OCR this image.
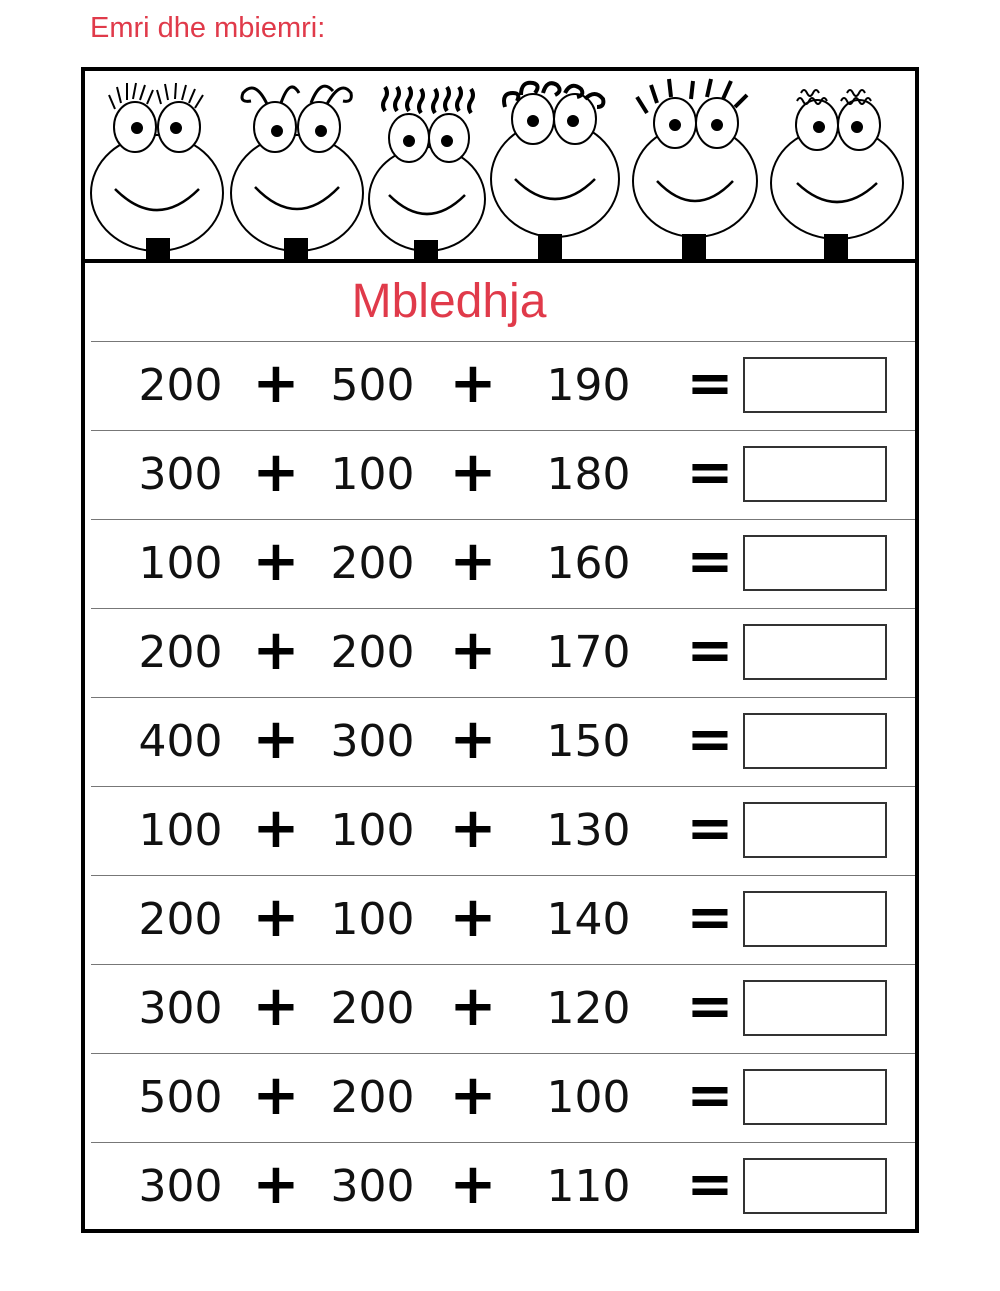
Emri dhe mbiemri:
Mbledhja
200 + 500 +	190 =
300 + 100 +	180 =
100 + 200 +	160 =
200 + 200 +	170 =
400 + 300 +	150 =
100 + 100 +	130 =
200 + 100 +	140 =
300 + 200 +	120 =
500 + 200 +	100 =
300 + 300 +	110 =
